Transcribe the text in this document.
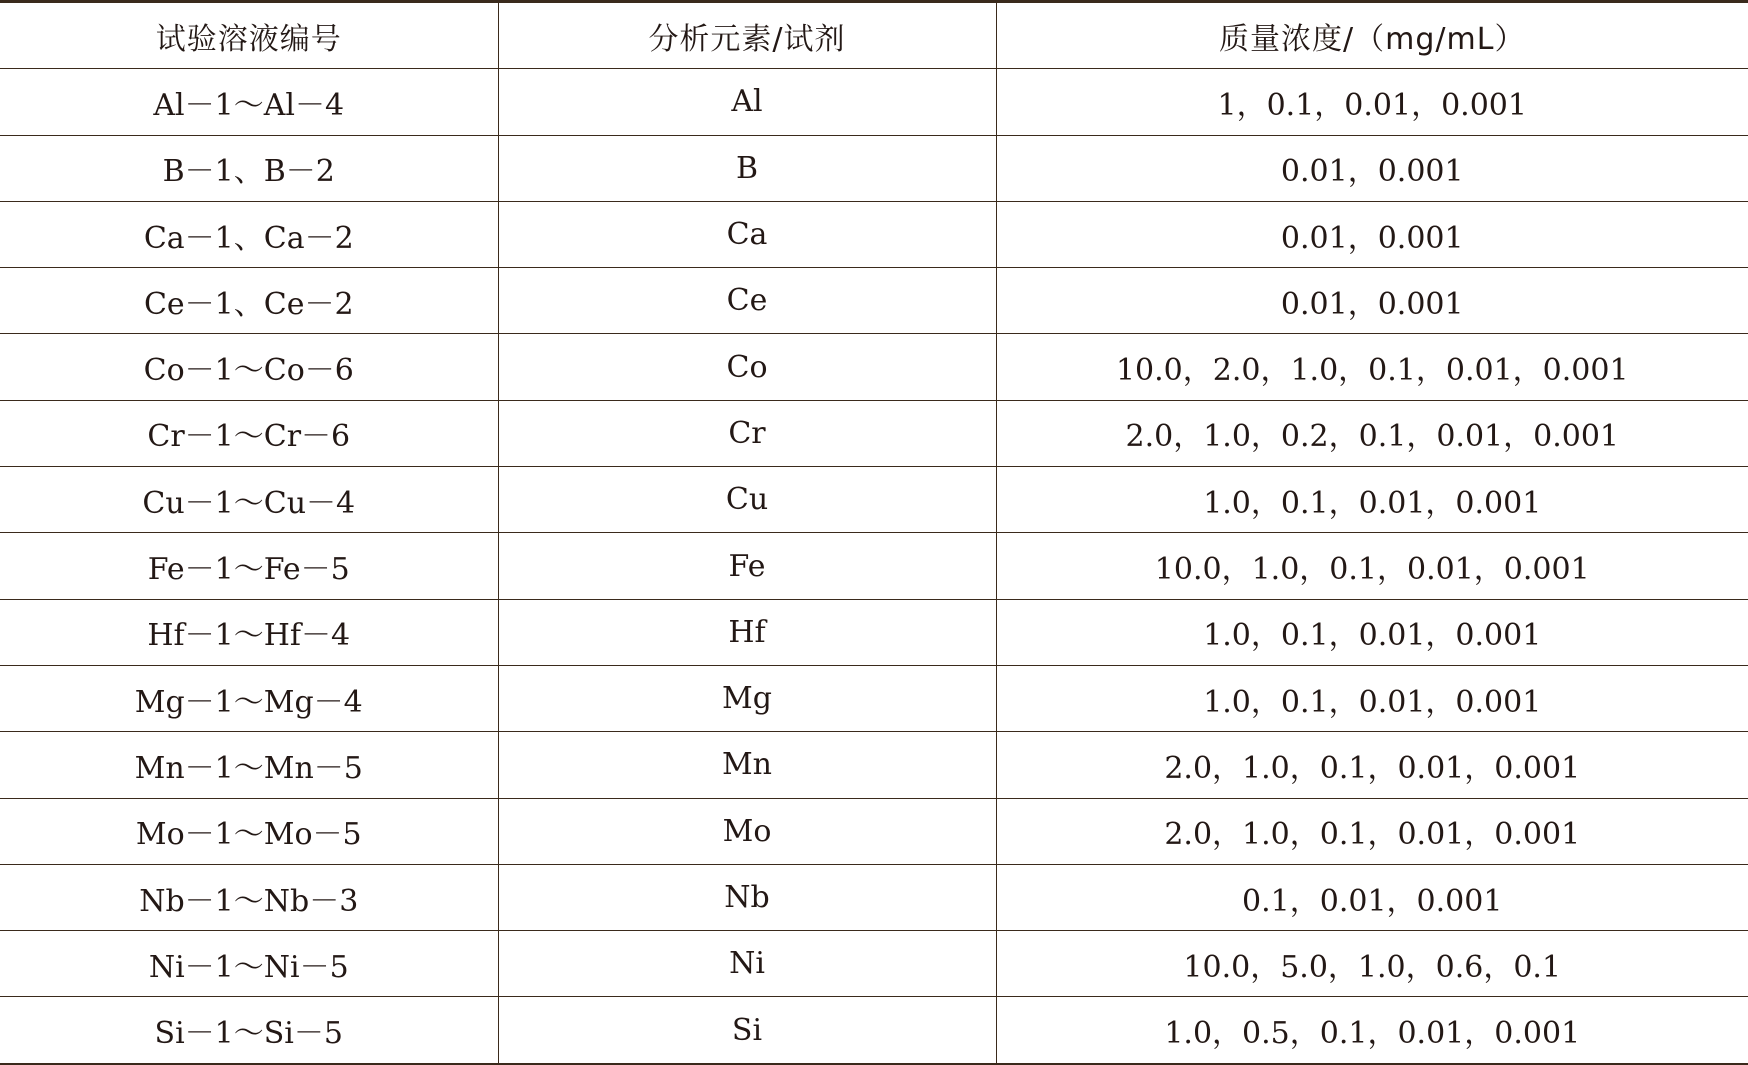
试验溶液编号	分析元素/试剂	质量浓度/（mg/mL）
Al－1～Al－4	Al	1，0.1，0.01，0.001
B－1、B－2	B	0.01，0.001
Ca－1、Ca－2	Ca	0.01，0.001
Ce－1、Ce－2	Ce	0.01，0.001
Co－1～Co－6	Co	10.0，2.0，1.0，0.1，0.01，0.001
Cr－1～Cr－6	Cr	2.0，1.0，0.2，0.1，0.01，0.001
Cu－1～Cu－4	Cu	1.0，0.1，0.01，0.001
Fe－1～Fe－5	Fe	10.0，1.0，0.1，0.01，0.001
Hf－1～Hf－4	Hf	1.0，0.1，0.01，0.001
Mg－1～Mg－4	Mg	1.0，0.1，0.01，0.001
Mn－1～Mn－5	Mn	2.0，1.0，0.1，0.01，0.001
Mo－1～Mo－5	Mo	2.0，1.0，0.1，0.01，0.001
Nb－1～Nb－3	Nb	0.1，0.01，0.001
Ni－1～Ni－5	Ni	10.0，5.0，1.0，0.6，0.1
Si－1～Si－5	Si	1.0，0.5，0.1，0.01，0.001
